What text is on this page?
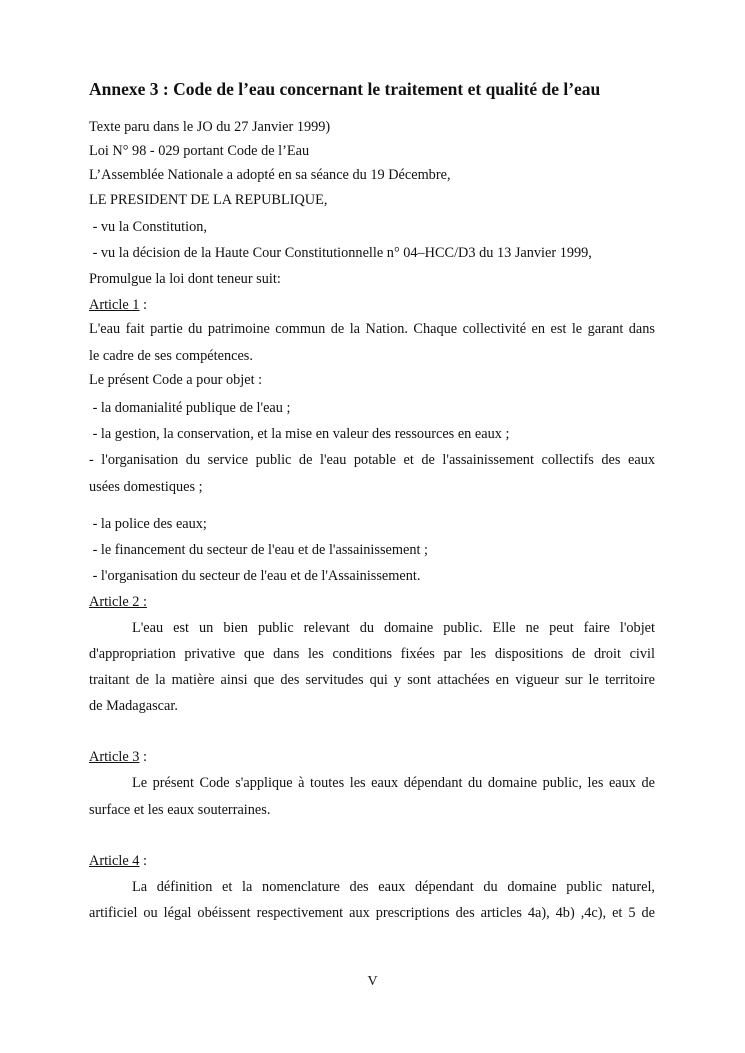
Annexe 3 : Code de l’eau concernant le traitement et qualité de l’eau
Texte paru dans le JO du 27 Janvier 1999)
Loi N° 98 - 029 portant Code de l’Eau
L’Assemblée Nationale a adopté en sa séance du 19 Décembre,
LE PRESIDENT DE LA REPUBLIQUE,
- vu la Constitution,
- vu la décision de la Haute Cour Constitutionnelle n° 04–HCC/D3 du 13 Janvier 1999,
Promulgue la loi dont teneur suit:
Article 1 :
L'eau fait partie du patrimoine commun de la Nation. Chaque collectivité en est le garant dans
le cadre de ses compétences.
Le présent Code a pour objet :
- la domanialité publique de l'eau ;
- la gestion, la conservation, et la mise en valeur des ressources en eaux ;
- l'organisation du service public de l'eau potable et de l'assainissement collectifs des eaux
usées domestiques ;
- la police des eaux;
- le financement du secteur de l'eau et de l'assainissement ;
- l'organisation du secteur de l'eau et de l'Assainissement.
Article 2 :
L'eau est un bien public relevant du domaine public. Elle ne peut faire l'objet
d'appropriation privative que dans les conditions fixées par les dispositions de droit civil
traitant de la matière ainsi que des servitudes qui y sont attachées en vigueur sur le territoire
de Madagascar.
Article 3 :
Le présent Code s'applique à toutes les eaux dépendant du domaine public, les eaux de
surface et les eaux souterraines.
Article 4 :
La définition et la nomenclature des eaux dépendant du domaine public naturel,
artificiel ou légal obéissent respectivement aux prescriptions des articles 4a), 4b) ,4c), et 5 de
V
